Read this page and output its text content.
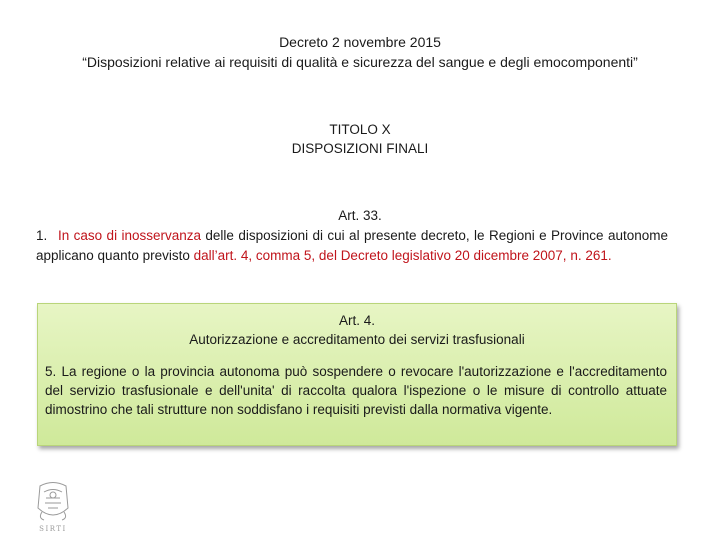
Decreto 2 novembre 2015
“Disposizioni relative ai requisiti di qualità e sicurezza del sangue e degli emocomponenti”
TITOLO X
DISPOSIZIONI FINALI
Art. 33.
1. In caso di inosservanza delle disposizioni di cui al presente decreto, le Regioni e Province autonome applicano quanto previsto dall’art. 4, comma 5, del Decreto legislativo 20 dicembre 2007, n. 261.
Art. 4.
Autorizzazione e accreditamento dei servizi trasfusionali
5. La regione o la provincia autonoma può sospendere o revocare l'autorizzazione e l'accreditamento del servizio trasfusionale e dell'unita' di raccolta qualora l'ispezione o le misure di controllo attuate dimostrino che tali strutture non soddisfano i requisiti previsti dalla normativa vigente.
SIRTI
